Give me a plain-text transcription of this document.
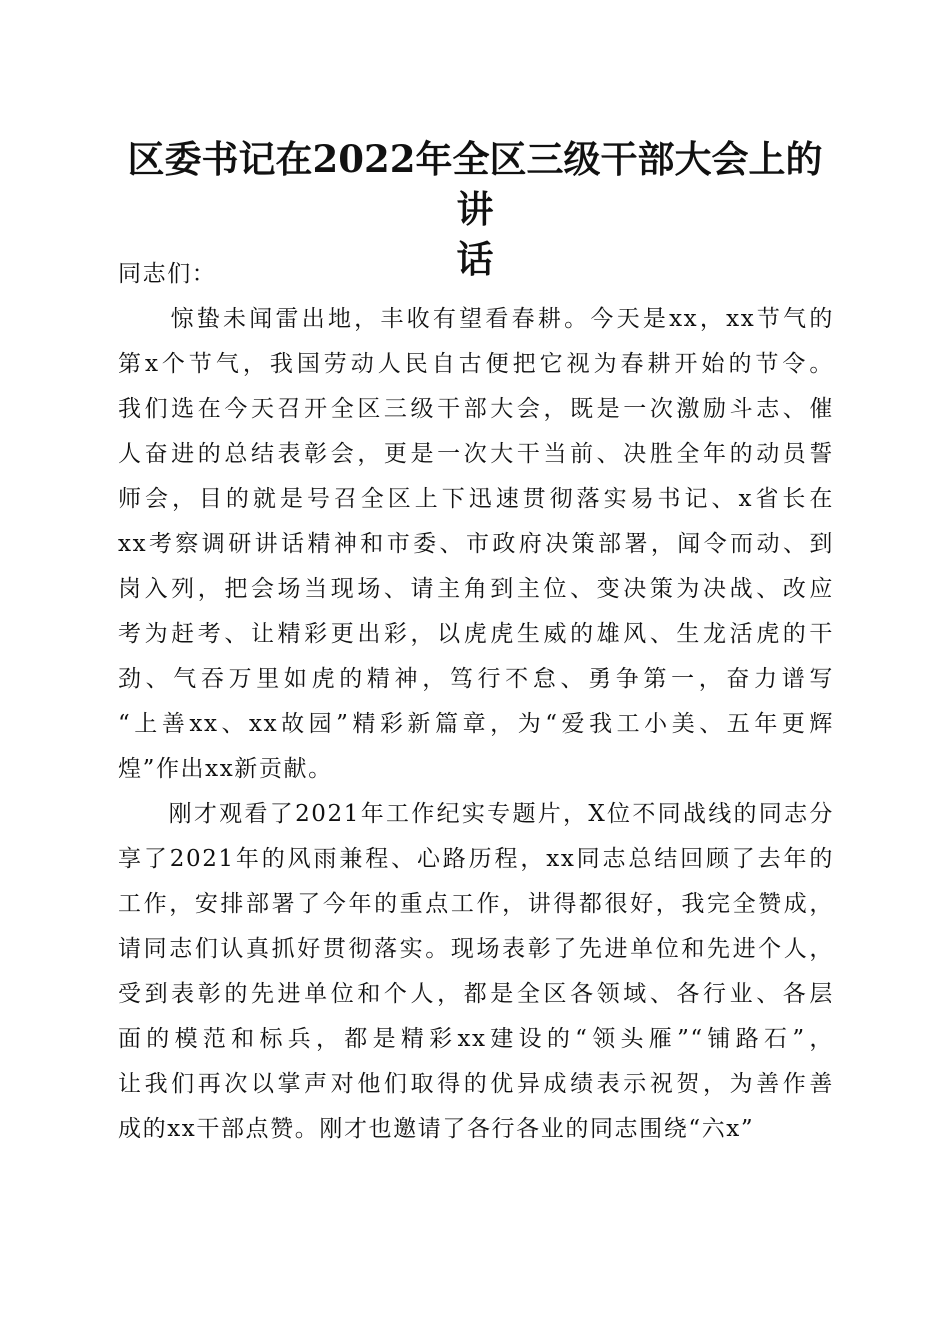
区委书记在2022年全区三级干部大会上的讲
话
同志们：
　　惊蛰未闻雷出地，丰收有望看春耕。今天是xx，xx节气的
第x个节气，我国劳动人民自古便把它视为春耕开始的节令。
我们选在今天召开全区三级干部大会，既是一次激励斗志、催
人奋进的总结表彰会，更是一次大干当前、决胜全年的动员誓
师会，目的就是号召全区上下迅速贯彻落实易书记、x省长在
xx考察调研讲话精神和市委、市政府决策部署，闻令而动、到
岗入列，把会场当现场、请主角到主位、变决策为决战、改应
考为赶考、让精彩更出彩，以虎虎生威的雄风、生龙活虎的干
劲、气吞万里如虎的精神，笃行不怠、勇争第一，奋力谱写
“上善xx、xx故园”精彩新篇章，为“爱我工小美、五年更辉
煌”作出xx新贡献。
　　刚才观看了2021年工作纪实专题片，X位不同战线的同志分
享了2021年的风雨兼程、心路历程，xx同志总结回顾了去年的
工作，安排部署了今年的重点工作，讲得都很好，我完全赞成，
请同志们认真抓好贯彻落实。现场表彰了先进单位和先进个人，
受到表彰的先进单位和个人，都是全区各领域、各行业、各层
面的模范和标兵，都是精彩xx建设的“领头雁”“铺路石”，
让我们再次以掌声对他们取得的优异成绩表示祝贺，为善作善
成的xx干部点赞。刚才也邀请了各行各业的同志围绕“六x”
